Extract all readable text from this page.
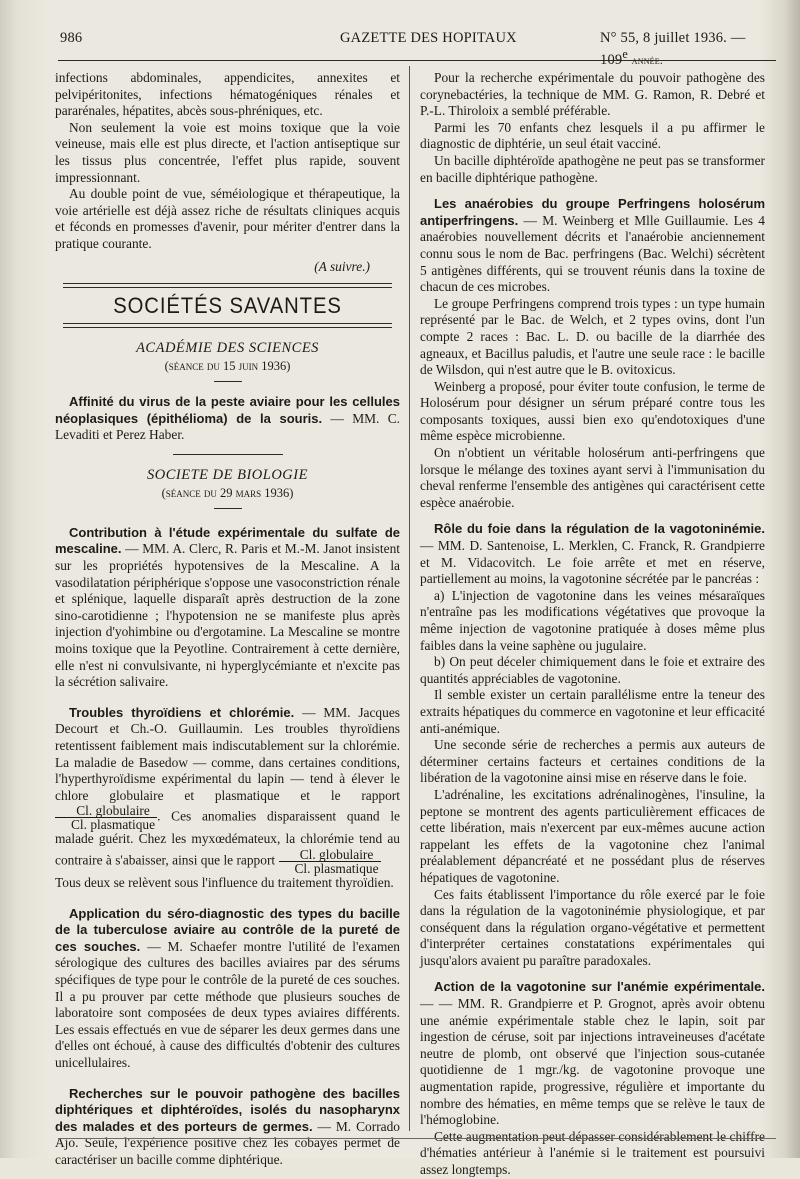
986	GAZETTE DES HOPITAUX	N° 55, 8 juillet 1936. — 109e année.

infections abdominales, appendicites, annexites et pelvipéritonites, infections hématogéniques rénales et pararénales, hépatites, abcès sous-phréniques, etc.

Non seulement la voie est moins toxique que la voie veineuse, mais elle est plus directe, et l'action antiseptique sur les tissus plus concentrée, l'effet plus rapide, souvent impressionnant.

Au double point de vue, séméiologique et thérapeutique, la voie artérielle est déjà assez riche de résultats cliniques acquis et féconds en promesses d'avenir, pour mériter d'entrer dans la pratique courante.

(A suivre.)
SOCIÉTÉS SAVANTES
ACADÉMIE DES SCIENCES
(séance du 15 juin 1936)

Affinité du virus de la peste aviaire pour les cellules néoplasiques (épithélioma) de la souris. — MM. C. Levaditi et Perez Haber.

SOCIETE DE BIOLOGIE
(séance du 29 mars 1936)

Contribution à l'étude expérimentale du sulfate de mescaline. — MM. A. Clerc, R. Paris et M.-M. Janot insistent sur les propriétés hypotensives de la Mescaline. A la vasodilatation périphérique s'oppose une vasoconstriction rénale et splénique, laquelle disparaît après destruction de la zone sino-carotidienne ; l'hypotension ne se manifeste plus après injection d'yohimbine ou d'ergotamine. La Mescaline se montre moins toxique que la Peyotline. Contrairement à cette dernière, elle n'est ni convulsivante, ni hyperglycémiante et n'excite pas la sécrétion salivaire.

Troubles thyroïdiens et chlorémie. — MM. Jacques Decourt et Ch.-O. Guillaumin. Les troubles thyroïdiens retentissent faiblement mais indiscutablement sur la chlorémie. La maladie de Basedow — comme, dans certaines conditions, l'hyperthyroïdisme expérimental du lapin — tend à élever le chlore globulaire et plasmatique et le rapport
$\frac{\text{Cl. globulaire}}{\text{Cl. plasmatique}}$ . Ces anomalies disparaissent quand le malade guérit. Chez les myxœdémateux, la chlorémie tend au contraire à s'abaisser, ainsi que le rapport $\frac{\text{Cl. globulaire}}{\text{Cl. plasmatique}}$

Tous deux se relèvent sous l'influence du traitement thyroïdien.

Application du séro-diagnostic des types du bacille de la tuberculose aviaire au contrôle de la pureté de ces souches. — M. Schaefer montre l'utilité de l'examen sérologique des cultures des bacilles aviaires par des sérums spécifiques de type pour le contrôle de la pureté de ces souches. Il a pu prouver par cette méthode que plusieurs souches de laboratoire sont composées de deux types aviaires différents. Les essais effectués en vue de séparer les deux germes dans une d'elles ont échoué, à cause des difficultés d'obtenir des cultures unicellulaires.

Recherches sur le pouvoir pathogène des bacilles diphtériques et diphtéroïdes, isolés du nasopharynx des malades et des porteurs de germes. — M. Corrado Ajo. Seule, l'expérience positive chez les cobayes permet de caractériser un bacille comme diphtérique.

Pour la recherche expérimentale du pouvoir pathogène des corynebactéries, la technique de MM. G. Ramon, R. Debré et P.-L. Thiroloix a semblé préférable.

Parmi les 70 enfants chez lesquels il a pu affirmer le diagnostic de diphtérie, un seul était vacciné.

Un bacille diphtéroïde apathogène ne peut pas se transformer en bacille diphtérique pathogène.

Les anaérobies du groupe Perfringens holosérum antiperfringens. — M. Weinberg et Mlle Guillaumie. Les 4 anaérobies nouvellement décrits et l'anaérobie anciennement connu sous le nom de Bac. perfringens (Bac. Welchi) sécrètent 5 antigènes différents, qui se trouvent réunis dans la toxine de chacun de ces microbes.

Le groupe Perfringens comprend trois types : un type humain représenté par le Bac. de Welch, et 2 types ovins, dont l'un compte 2 races : Bac. L. D. ou bacille de la diarrhée des agneaux, et Bacillus paludis, et l'autre une seule race : le bacille de Wilsdon, qui n'est autre que le B. ovitoxicus.

Weinberg a proposé, pour éviter toute confusion, le terme de Holosérum pour désigner un sérum préparé contre tous les composants toxiques, aussi bien exo qu'endotoxiques d'une même espèce microbienne.

On n'obtient un véritable holosérum anti-perfringens que lorsque le mélange des toxines ayant servi à l'immunisation du cheval renferme l'ensemble des antigènes qui caractérisent cette espèce anaérobie.

Rôle du foie dans la régulation de la vagotoninémie. — MM. D. Santenoise, L. Merklen, C. Franck, R. Grandpierre et M. Vidacovitch. Le foie arrête et met en réserve, partiellement au moins, la vagotonine sécrétée par le pancréas :

a) L'injection de vagotonine dans les veines mésaraïques n'entraîne pas les modifications végétatives que provoque la même injection de vagotonine pratiquée à doses même plus faibles dans la veine saphène ou jugulaire.

b) On peut déceler chimiquement dans le foie et extraire des quantités appréciables de vagotonine.

Il semble exister un certain parallélisme entre la teneur des extraits hépatiques du commerce en vagotonine et leur efficacité anti-anémique.

Une seconde série de recherches a permis aux auteurs de déterminer certains facteurs et certaines conditions de la libération de la vagotonine ainsi mise en réserve dans le foie.

L'adrénaline, les excitations adrénalinogènes, l'insuline, la peptone se montrent des agents particulièrement efficaces de cette libération, mais n'exercent par eux-mêmes aucune action rappelant les effets de la vagotonine chez l'animal préalablement dépancréaté et ne possédant plus de réserves hépatiques de vagotonine.

Ces faits établissent l'importance du rôle exercé par le foie dans la régulation de la vagotoninémie physiologique, et par conséquent dans la régulation organo-végétative et permettent d'interpréter certaines constatations expérimentales qui jusqu'alors avaient pu paraître paradoxales.

Action de la vagotonine sur l'anémie expérimentale. — — MM. R. Grandpierre et P. Grognot, après avoir obtenu une anémie expérimentale stable chez le lapin, soit par ingestion de céruse, soit par injections intraveineuses d'acétate neutre de plomb, ont observé que l'injection sous-cutanée quotidienne de 1 mgr./kg. de vagotonine provoque une augmentation rapide, progressive, régulière et importante du nombre des hématies, en même temps que se relève le taux de l'hémoglobine.

Cette augmentation peut dépasser considérablement le chiffre d'hématies antérieur à l'anémie si le traitement est poursuivi assez longtemps.
